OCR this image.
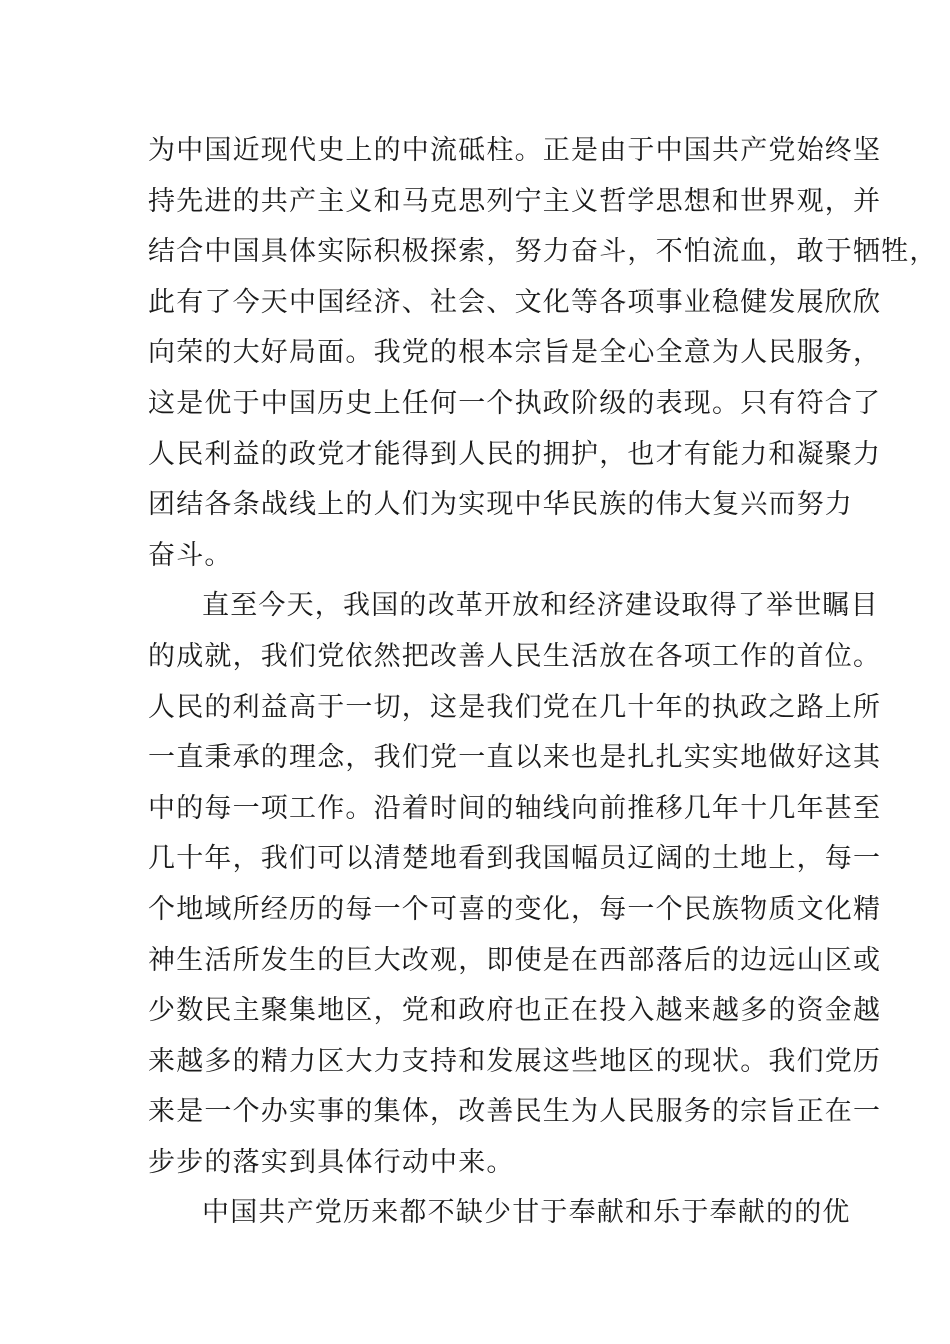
为中国近现代史上的中流砥柱。正是由于中国共产党始终坚
持先进的共产主义和马克思列宁主义哲学思想和世界观，并
结合中国具体实际积极探索，努力奋斗，不怕流血，敢于牺牲，
此有了今天中国经济、社会、文化等各项事业稳健发展欣欣
向荣的大好局面。我党的根本宗旨是全心全意为人民服务，
这是优于中国历史上任何一个执政阶级的表现。只有符合了
人民利益的政党才能得到人民的拥护，也才有能力和凝聚力
团结各条战线上的人们为实现中华民族的伟大复兴而努力
奋斗。
直至今天，我国的改革开放和经济建设取得了举世瞩目
的成就，我们党依然把改善人民生活放在各项工作的首位。
人民的利益高于一切，这是我们党在几十年的执政之路上所
一直秉承的理念，我们党一直以来也是扎扎实实地做好这其
中的每一项工作。沿着时间的轴线向前推移几年十几年甚至
几十年，我们可以清楚地看到我国幅员辽阔的土地上，每一
个地域所经历的每一个可喜的变化，每一个民族物质文化精
神生活所发生的巨大改观，即使是在西部落后的边远山区或
少数民主聚集地区，党和政府也正在投入越来越多的资金越
来越多的精力区大力支持和发展这些地区的现状。我们党历
来是一个办实事的集体，改善民生为人民服务的宗旨正在一
步步的落实到具体行动中来。
中国共产党历来都不缺少甘于奉献和乐于奉献的的优
